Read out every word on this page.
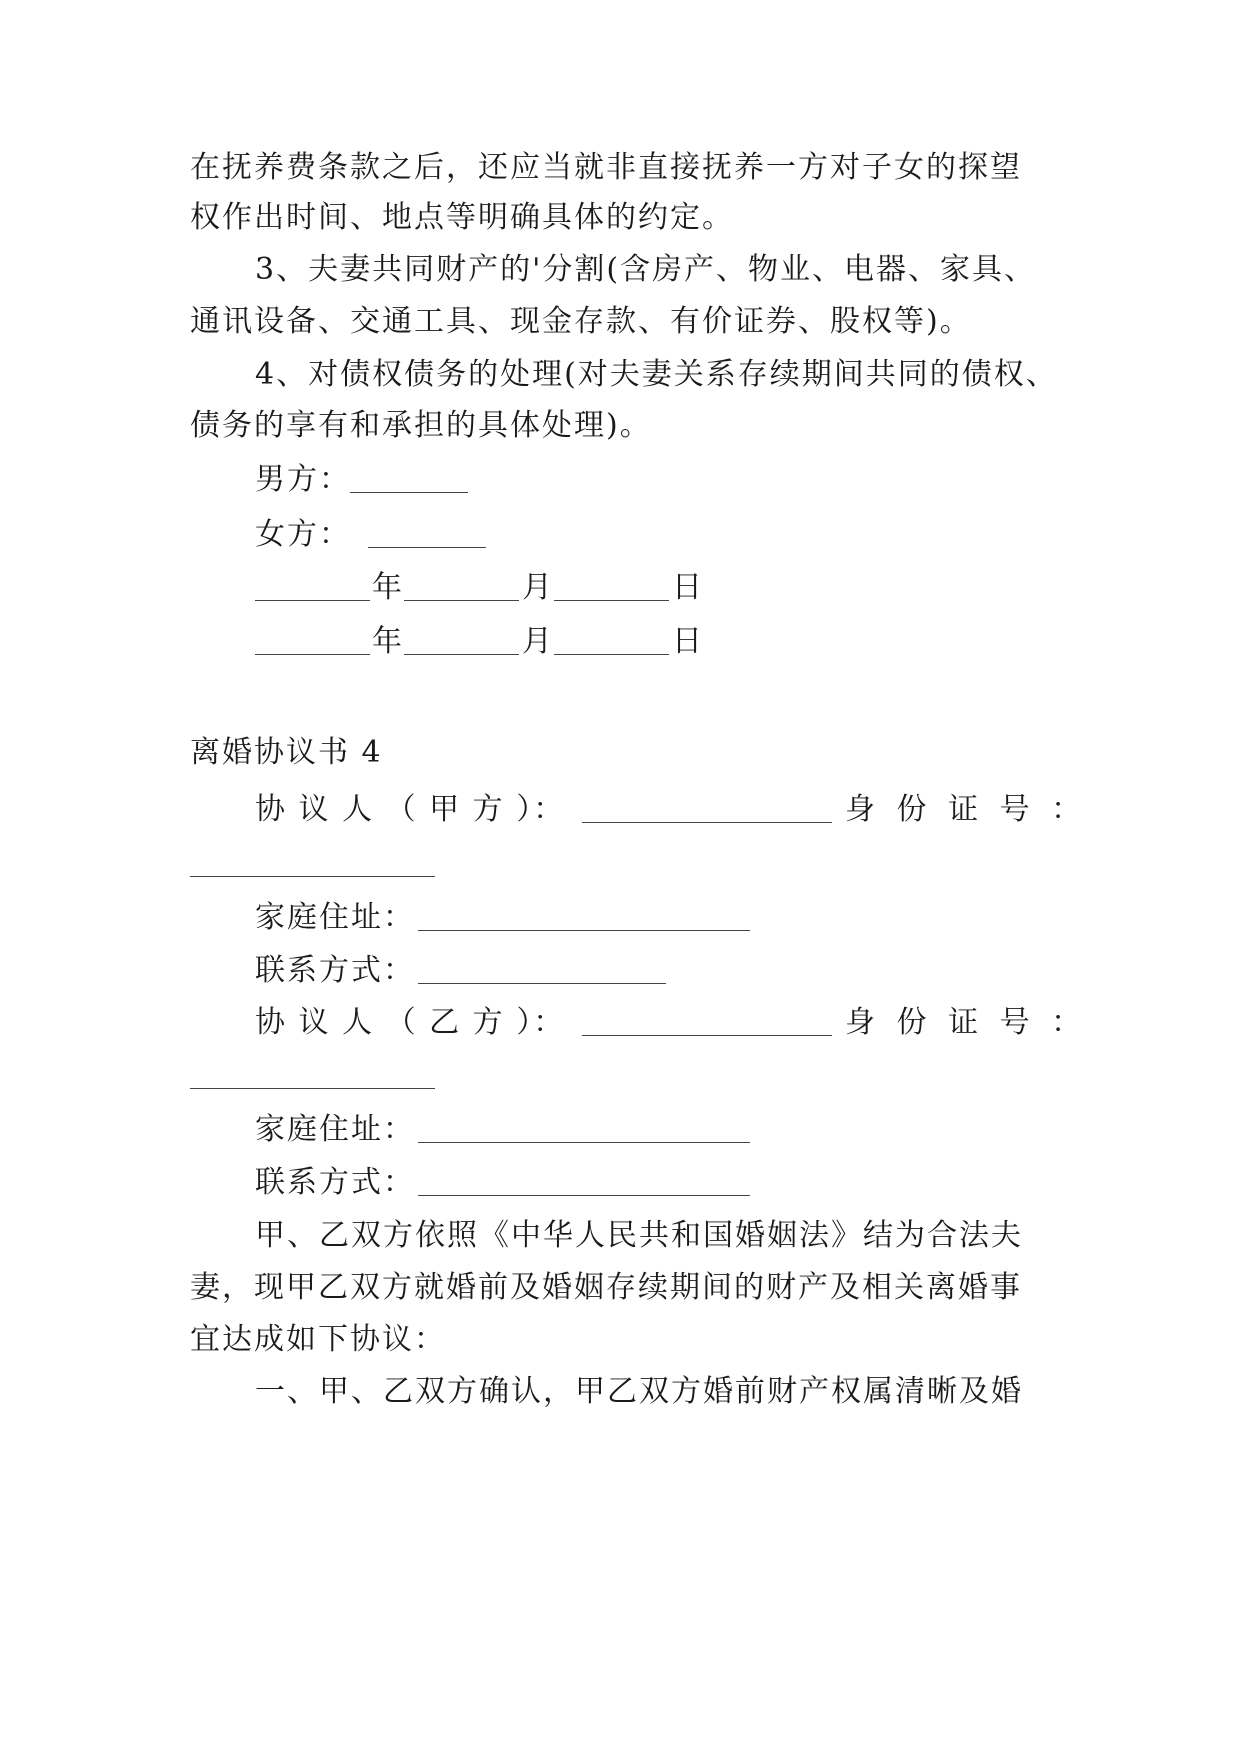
在抚养费条款之后，还应当就非直接抚养一方对子女的探望
权作出时间、地点等明确具体的约定。
3、夫妻共同财产的'分割(含房产、物业、电器、家具、
通讯设备、交通工具、现金存款、有价证券、股权等)。
4、对债权债务的处理(对夫妻关系存续期间共同的债权、
债务的享有和承担的具体处理)。
男方：
女方：
年	月	日
年	月	日
离婚协议书 4
协 议 人 （ 甲 方 ）：	身 份 证 号 ：
家庭住址：
联系方式：
协 议 人 （ 乙 方 ）：	身 份 证 号 ：
家庭住址：
联系方式：
甲、乙双方依照《中华人民共和国婚姻法》结为合法夫
妻，现甲乙双方就婚前及婚姻存续期间的财产及相关离婚事
宜达成如下协议：
一、甲、乙双方确认，甲乙双方婚前财产权属清晰及婚
